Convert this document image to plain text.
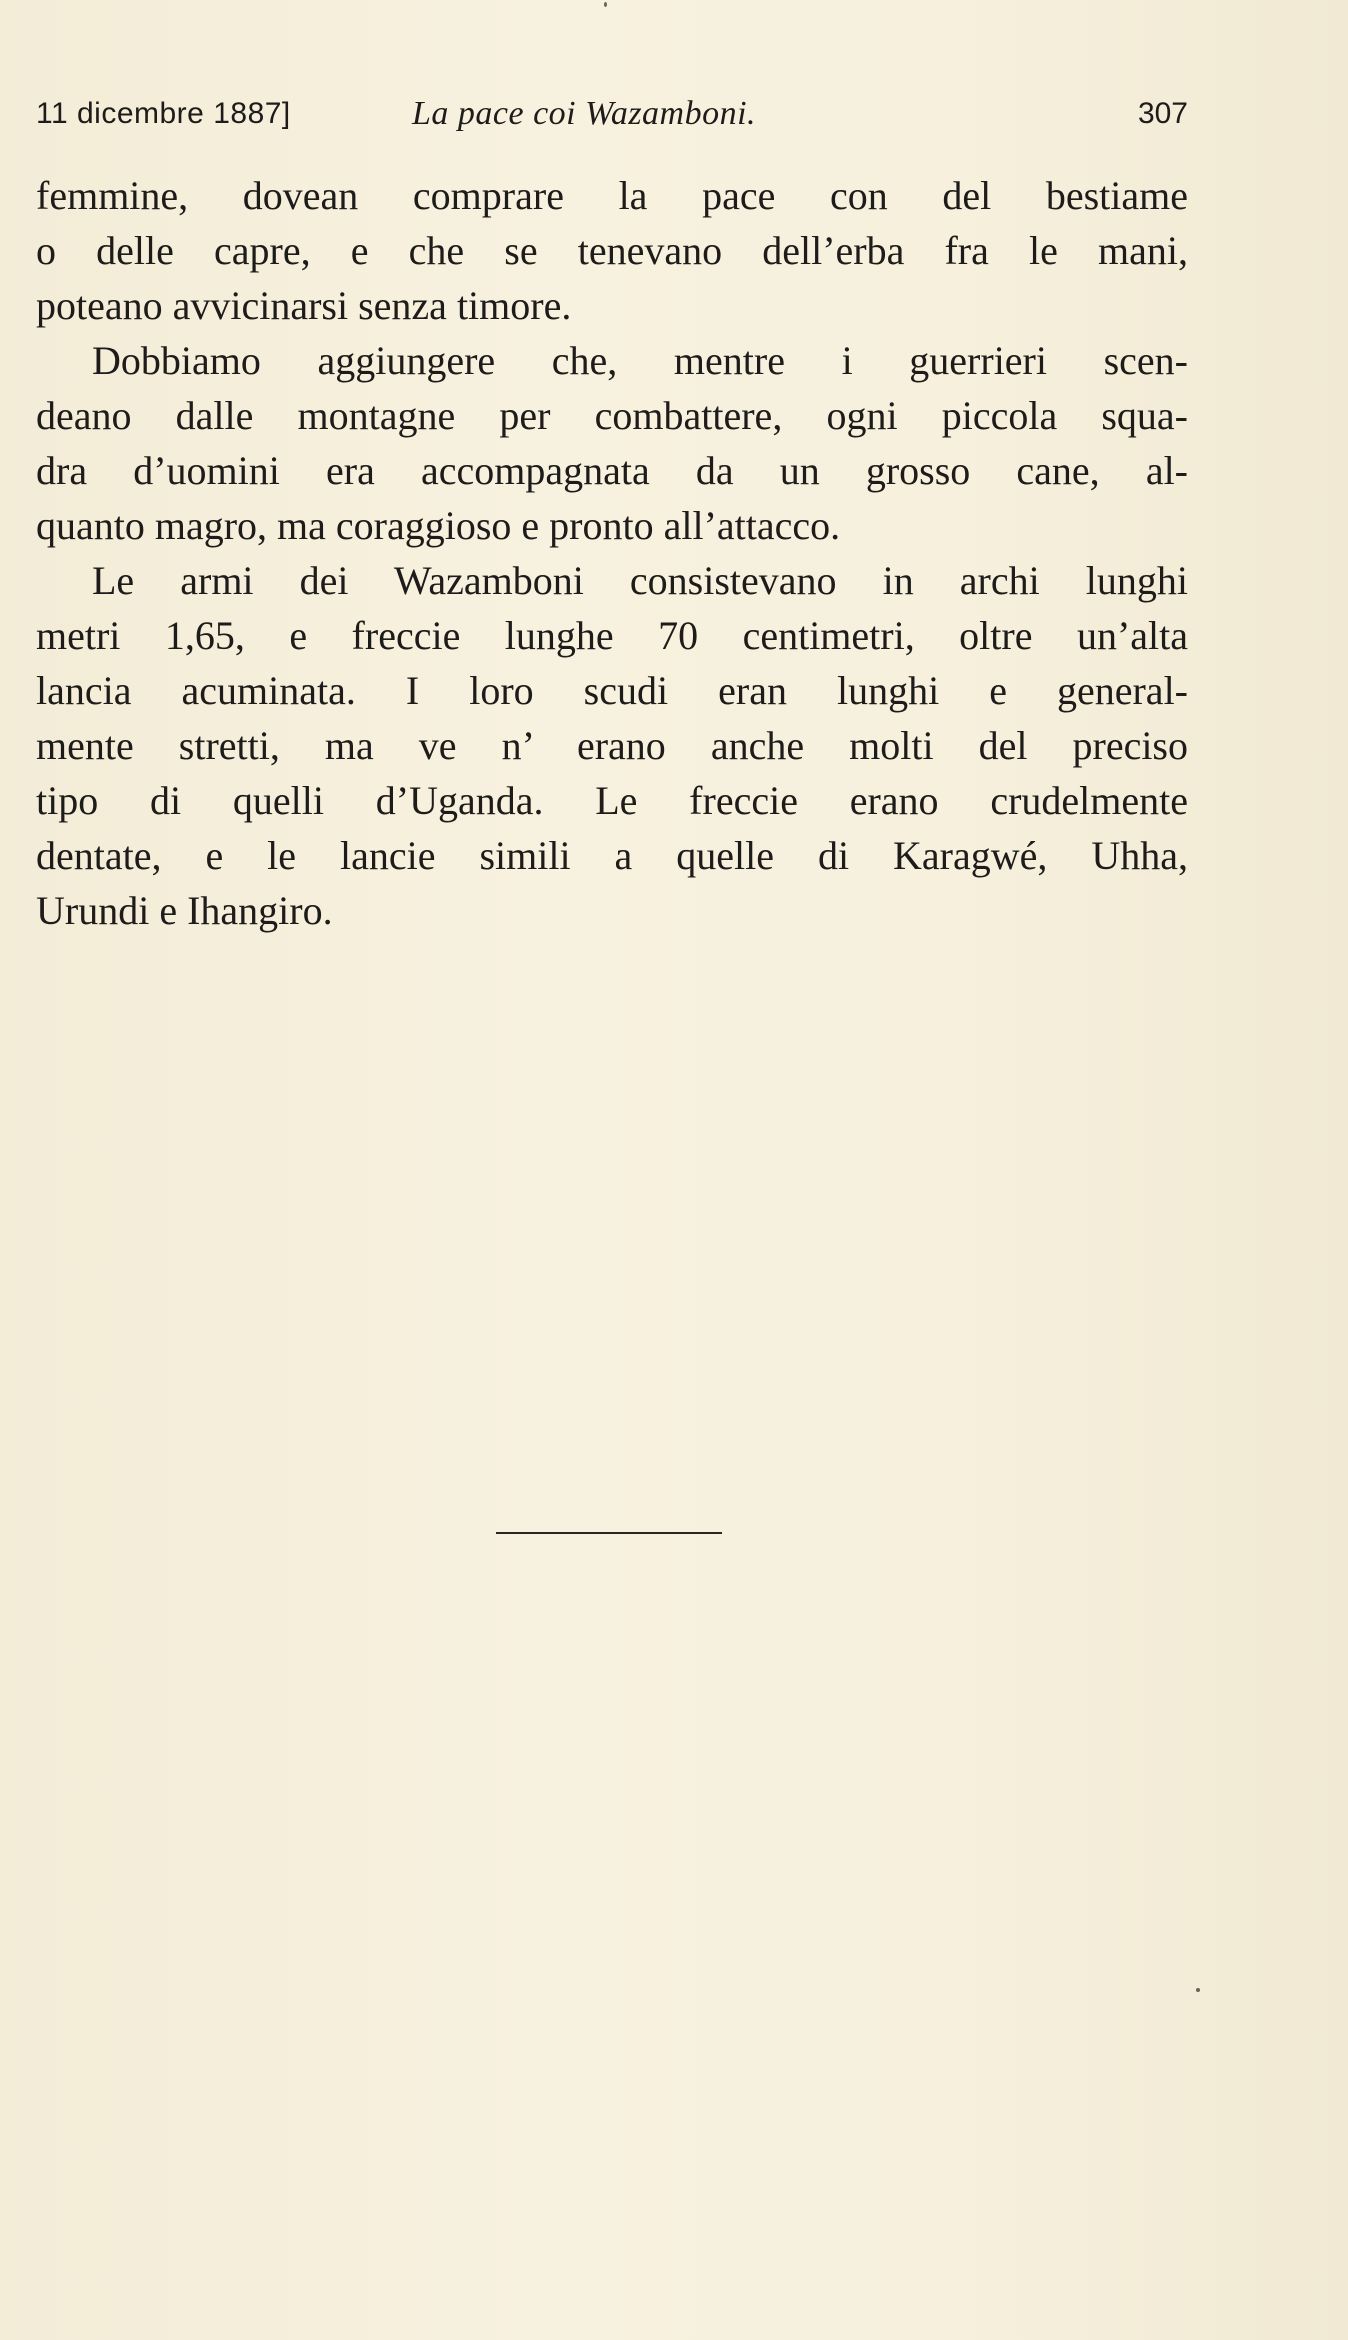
11 dicembre 1887]	La pace coi Wazamboni.	307
femmine, dovean comprare la pace con del bestiame
o delle capre, e che se tenevano dell’erba fra le mani,
poteano avvicinarsi senza timore.
Dobbiamo aggiungere che, mentre i guerrieri scen-
deano dalle montagne per combattere, ogni piccola squa-
dra d’uomini era accompagnata da un grosso cane, al-
quanto magro, ma coraggioso e pronto all’attacco.
Le armi dei Wazamboni consistevano in archi lunghi
metri 1,65, e freccie lunghe 70 centimetri, oltre un’alta
lancia acuminata. I loro scudi eran lunghi e general-
mente stretti, ma ve n’ erano anche molti del preciso
tipo di quelli d’Uganda. Le freccie erano crudelmente
dentate, e le lancie simili a quelle di Karagwé, Uhha,
Urundi e Ihangiro.
